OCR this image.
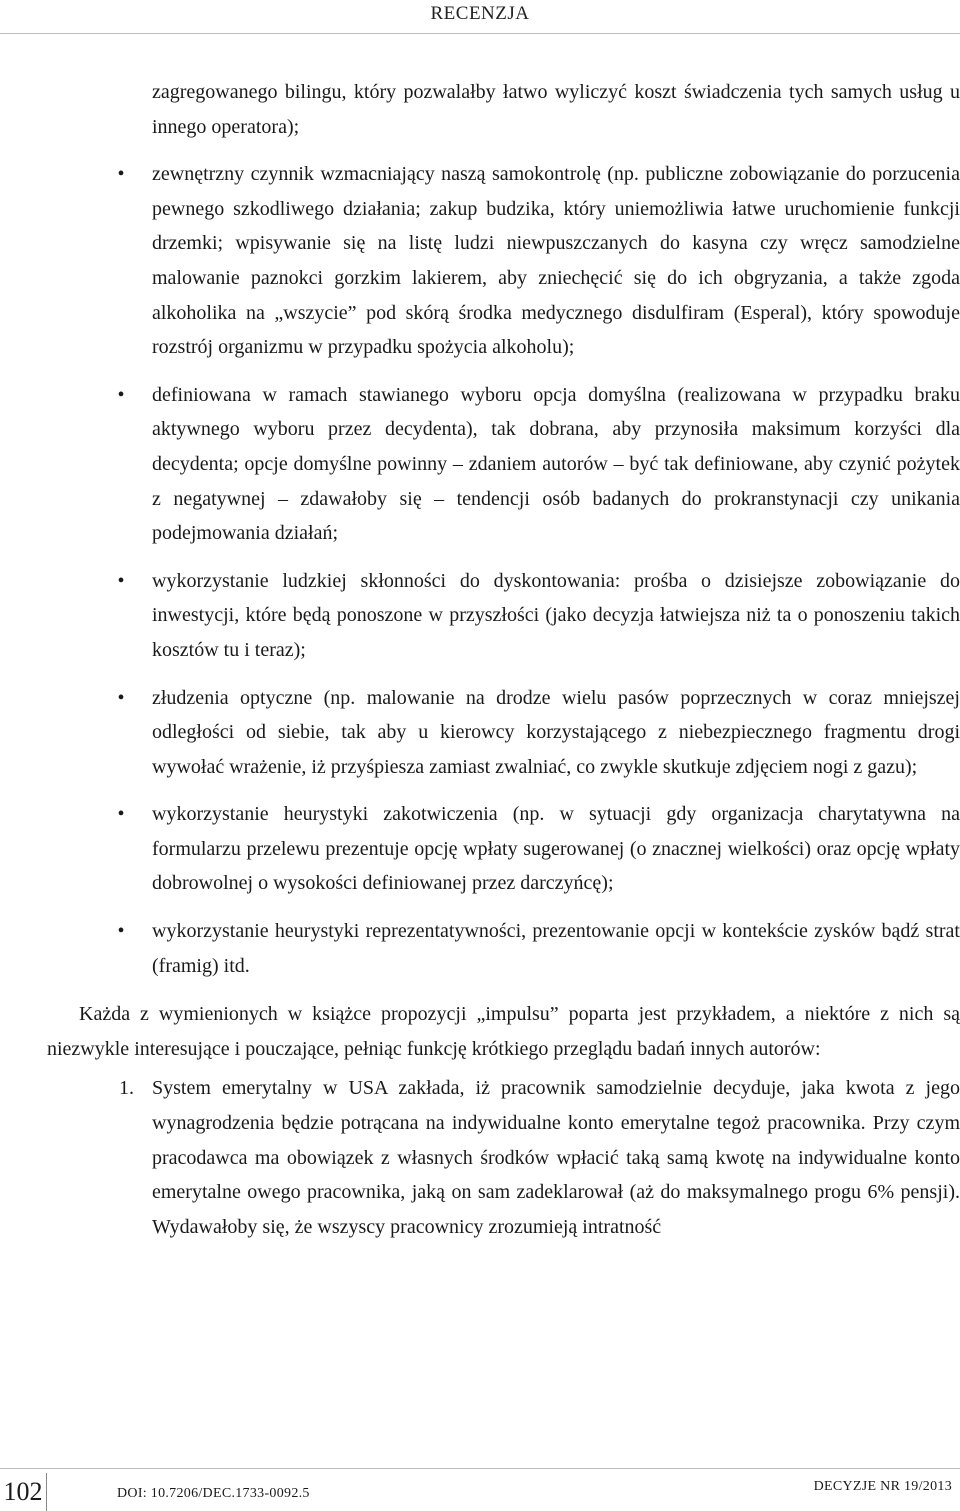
RECENZJA
zagregowanego bilingu, który pozwalałby łatwo wyliczyć koszt świadczenia tych samych usług u innego operatora);
• zewnętrzny czynnik wzmacniający naszą samokontrolę (np. publiczne zobowiązanie do porzucenia pewnego szkodliwego działania; zakup budzika, który uniemożliwia łatwe uruchomienie funkcji drzemki; wpisywanie się na listę ludzi niewpuszczanych do kasyna czy wręcz samodzielne malowanie paznokci gorzkim lakierem, aby zniechęcić się do ich obgryzania, a także zgoda alkoholika na „wszycie” pod skórą środka medycznego disdulfiram (Esperal), który spowoduje rozstrój organizmu w przypadku spożycia alkoholu);
• definiowana w ramach stawianego wyboru opcja domyślna (realizowana w przypadku braku aktywnego wyboru przez decydenta), tak dobrana, aby przynosiła maksimum korzyści dla decydenta; opcje domyślne powinny – zdaniem autorów – być tak definiowane, aby czynić pożytek z negatywnej – zdawałoby się – tendencji osób badanych do prokranstynacji czy unikania podejmowania działań;
• wykorzystanie ludzkiej skłonności do dyskontowania: prośba o dzisiejsze zobowiązanie do inwestycji, które będą ponoszone w przyszłości (jako decyzja łatwiejsza niż ta o ponoszeniu takich kosztów tu i teraz);
• złudzenia optyczne (np. malowanie na drodze wielu pasów poprzecznych w coraz mniejszej odległości od siebie, tak aby u kierowcy korzystającego z niebezpiecznego fragmentu drogi wywołać wrażenie, iż przyśpiesza zamiast zwalniać, co zwykle skutkuje zdjęciem nogi z gazu);
• wykorzystanie heurystyki zakotwiczenia (np. w sytuacji gdy organizacja charytatywna na formularzu przelewu prezentuje opcję wpłaty sugerowanej (o znacznej wielkości) oraz opcję wpłaty dobrowolnej o wysokości definiowanej przez darczyńcę);
• wykorzystanie heurystyki reprezentatywności, prezentowanie opcji w kontekście zysków bądź strat (framig) itd.

Każda z wymienionych w książce propozycji „impulsu” poparta jest przykładem, a niektóre z nich są niezwykle interesujące i pouczające, pełniąc funkcję krótkiego przeglądu badań innych autorów:

1. System emerytalny w USA zakłada, iż pracownik samodzielnie decyduje, jaka kwota z jego wynagrodzenia będzie potrącana na indywidualne konto emerytalne tegoż pracownika. Przy czym pracodawca ma obowiązek z własnych środków wpłacić taką samą kwotę na indywidualne konto emerytalne owego pracownika, jaką on sam zadeklarował (aż do maksymalnego progu 6% pensji). Wydawałoby się, że wszyscy pracownicy zrozumieją intratność
102	DOI: 10.7206/DEC.1733-0092.5	DECYZJE NR 19/2013
